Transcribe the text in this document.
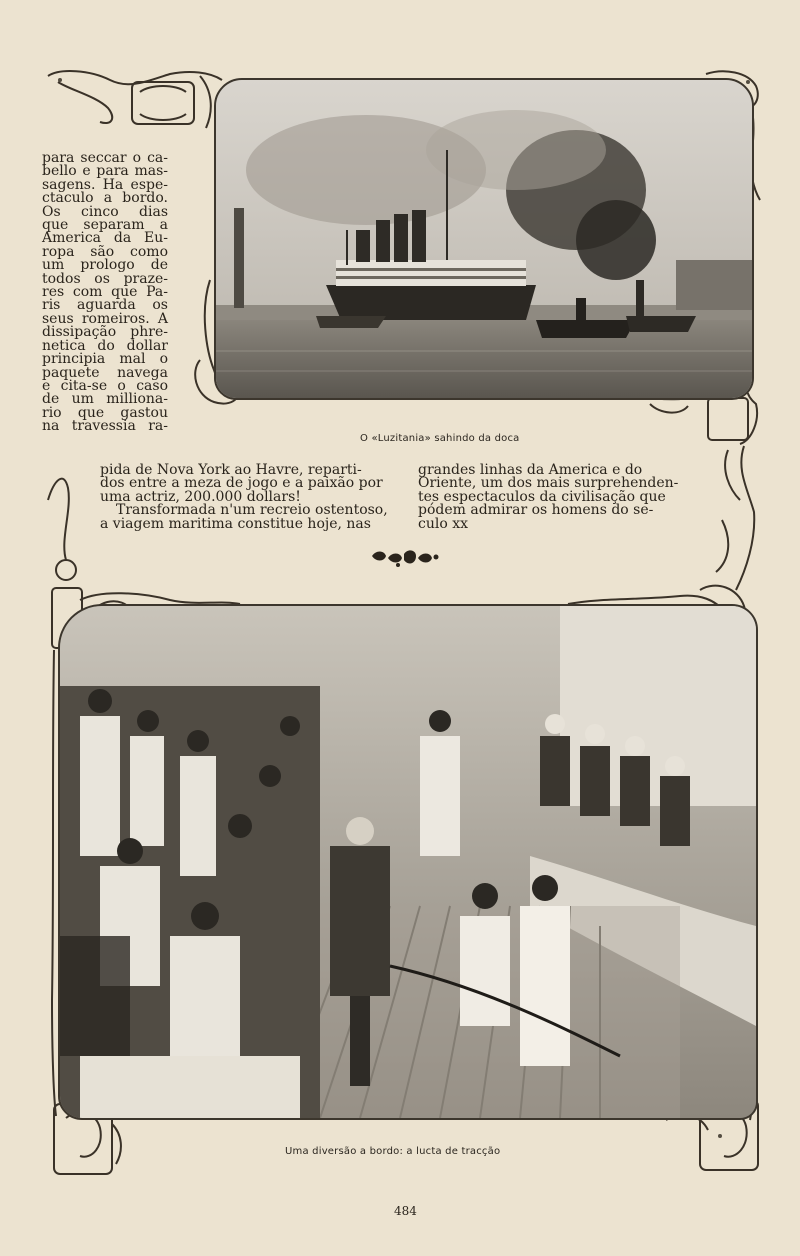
O «Luzitania» sahindo da doca
para seccar o ca-
bello e para mas-
sagens. Ha espe-
ctaculo a bordo.
Os cinco dias
que separam a
America da Eu-
ropa são como
um prologo de
todos os praze-
res com que Pa-
ris aguarda os
seus romeiros. A
dissipação phre-
netica do dollar
principia mal o
paquete navega
e cita-se o caso
de um millionа-
rio que gastou
na travessia ra-
pida de Nova York ao Havre, reparti-
dos entre a meza de jogo e a paixão por
uma actriz, 200.000 dollars!
Transformada n'um recreio ostentoso,
a viagem maritima constitue hoje, nas
grandes linhas da America e do
Oriente, um dos mais surprehenden-
tes espectaculos da civilisação que
pódem admirar os homens do se-
culo xx
Uma diversão a bordo: a lucta de tracção
484
